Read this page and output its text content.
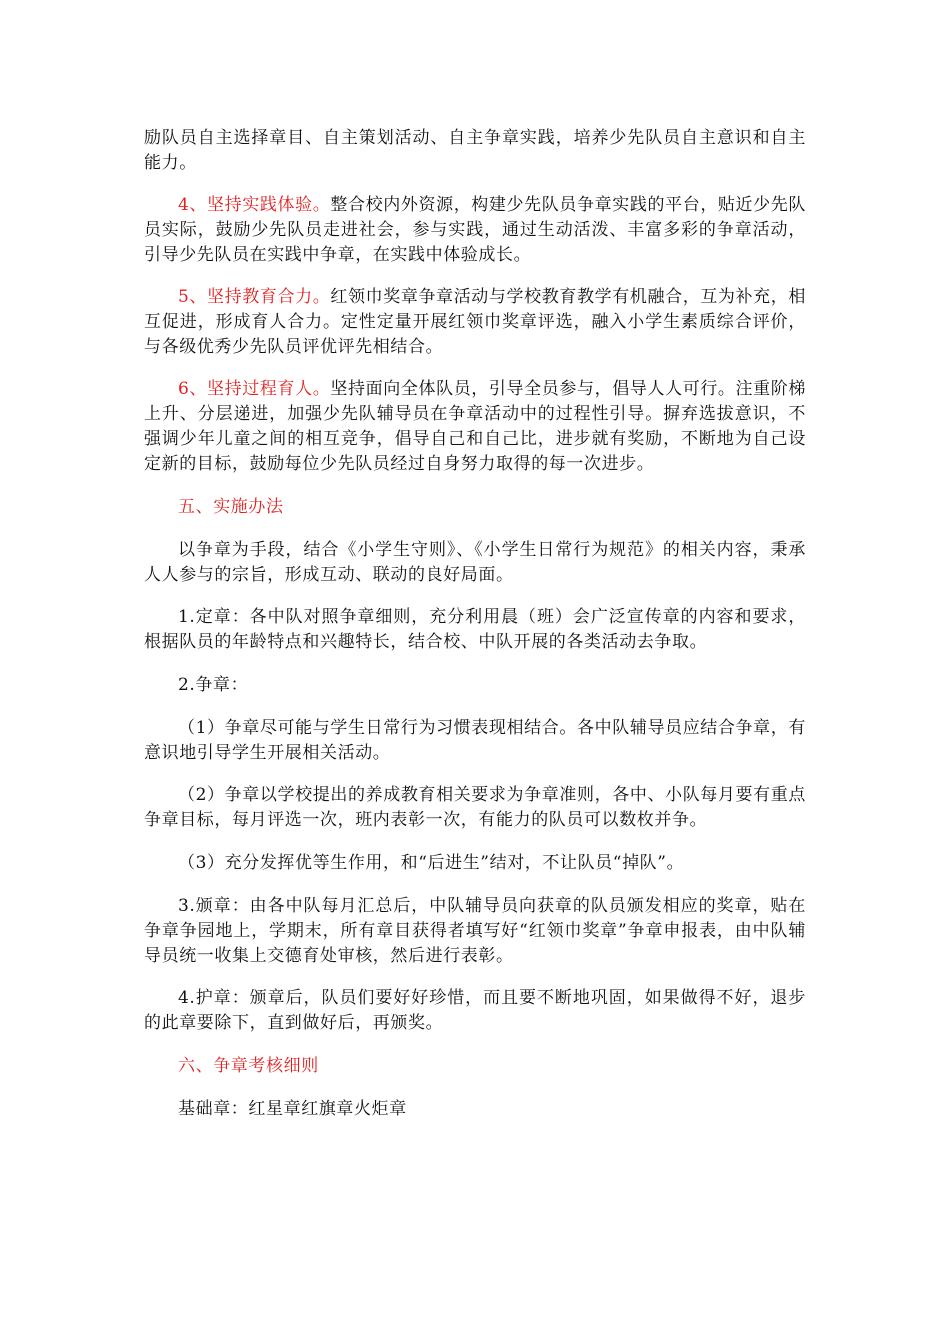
励队员自主选择章目、自主策划活动、自主争章实践，培养少先队员自主意识和自主能力。

4、坚持实践体验。整合校内外资源，构建少先队员争章实践的平台，贴近少先队员实际，鼓励少先队员走进社会，参与实践，通过生动活泼、丰富多彩的争章活动，引导少先队员在实践中争章，在实践中体验成长。

5、坚持教育合力。红领巾奖章争章活动与学校教育教学有机融合，互为补充，相互促进，形成育人合力。定性定量开展红领巾奖章评选，融入小学生素质综合评价，与各级优秀少先队员评优评先相结合。

6、坚持过程育人。坚持面向全体队员，引导全员参与，倡导人人可行。注重阶梯上升、分层递进，加强少先队辅导员在争章活动中的过程性引导。摒弃选拔意识，不强调少年儿童之间的相互竞争，倡导自己和自己比，进步就有奖励，不断地为自己设定新的目标，鼓励每位少先队员经过自身努力取得的每一次进步。

五、实施办法

以争章为手段，结合《小学生守则》、《小学生日常行为规范》的相关内容，秉承人人参与的宗旨，形成互动、联动的良好局面。

1.定章：各中队对照争章细则，充分利用晨（班）会广泛宣传章的内容和要求，根据队员的年龄特点和兴趣特长，结合校、中队开展的各类活动去争取。

2.争章：

（1）争章尽可能与学生日常行为习惯表现相结合。各中队辅导员应结合争章，有意识地引导学生开展相关活动。

（2）争章以学校提出的养成教育相关要求为争章准则，各中、小队每月要有重点争章目标，每月评选一次，班内表彰一次，有能力的队员可以数枚并争。

（3）充分发挥优等生作用，和“后进生”结对，不让队员“掉队”。

3.颁章：由各中队每月汇总后，中队辅导员向获章的队员颁发相应的奖章，贴在争章争园地上，学期末，所有章目获得者填写好“红领巾奖章”争章申报表，由中队辅导员统一收集上交德育处审核，然后进行表彰。

4.护章：颁章后，队员们要好好珍惜，而且要不断地巩固，如果做得不好，退步的此章要除下，直到做好后，再颁奖。

六、争章考核细则

基础章：红星章红旗章火炬章
